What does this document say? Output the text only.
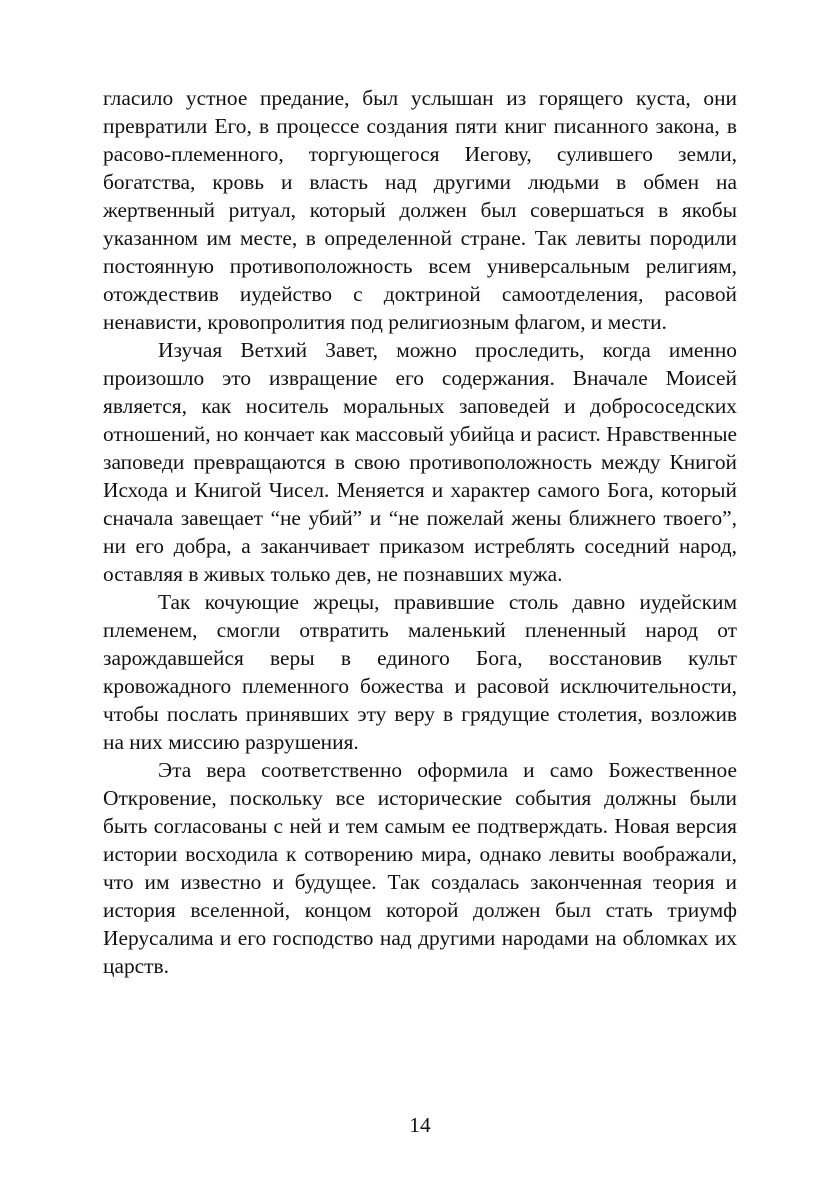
гласило устное предание, был услышан из горящего куста, они превратили Его, в процессе создания пяти книг писанного закона, в расово-племенного, торгующегося Иегову, сулившего земли, богатства, кровь и власть над другими людьми в обмен на жертвенный ритуал, который должен был совершаться в якобы указанном им месте, в определенной стране. Так левиты породили постоянную противоположность всем универсальным религиям, отождествив иудейство с доктриной самоотделения, расовой ненависти, кровопролития под религиозным флагом, и мести.

Изучая Ветхий Завет, можно проследить, когда именно произошло это извращение его содержания. Вначале Моисей является, как носитель моральных заповедей и добрососедских отношений, но кончает как массовый убийца и расист. Нравственные заповеди превращаются в свою противоположность между Книгой Исхода и Книгой Чисел. Меняется и характер самого Бога, который сначала завещает “не убий” и “не пожелай жены ближнего твоего”, ни его добра, а заканчивает приказом истреблять соседний народ, оставляя в живых только дев, не познавших мужа.

Так кочующие жрецы, правившие столь давно иудейским племенем, смогли отвратить маленький плененный народ от зарождавшейся веры в единого Бога, восстановив культ кровожадного племенного божества и расовой исключительности, чтобы послать принявших эту веру в грядущие столетия, возложив на них миссию разрушения.

Эта вера соответственно оформила и само Божественное Откровение, поскольку все исторические события должны были быть согласованы с ней и тем самым ее подтверждать. Новая версия истории восходила к сотворению мира, однако левиты воображали, что им известно и будущее. Так создалась законченная теория и история вселенной, концом которой должен был стать триумф Иерусалима и его господство над другими народами на обломках их царств.

14
